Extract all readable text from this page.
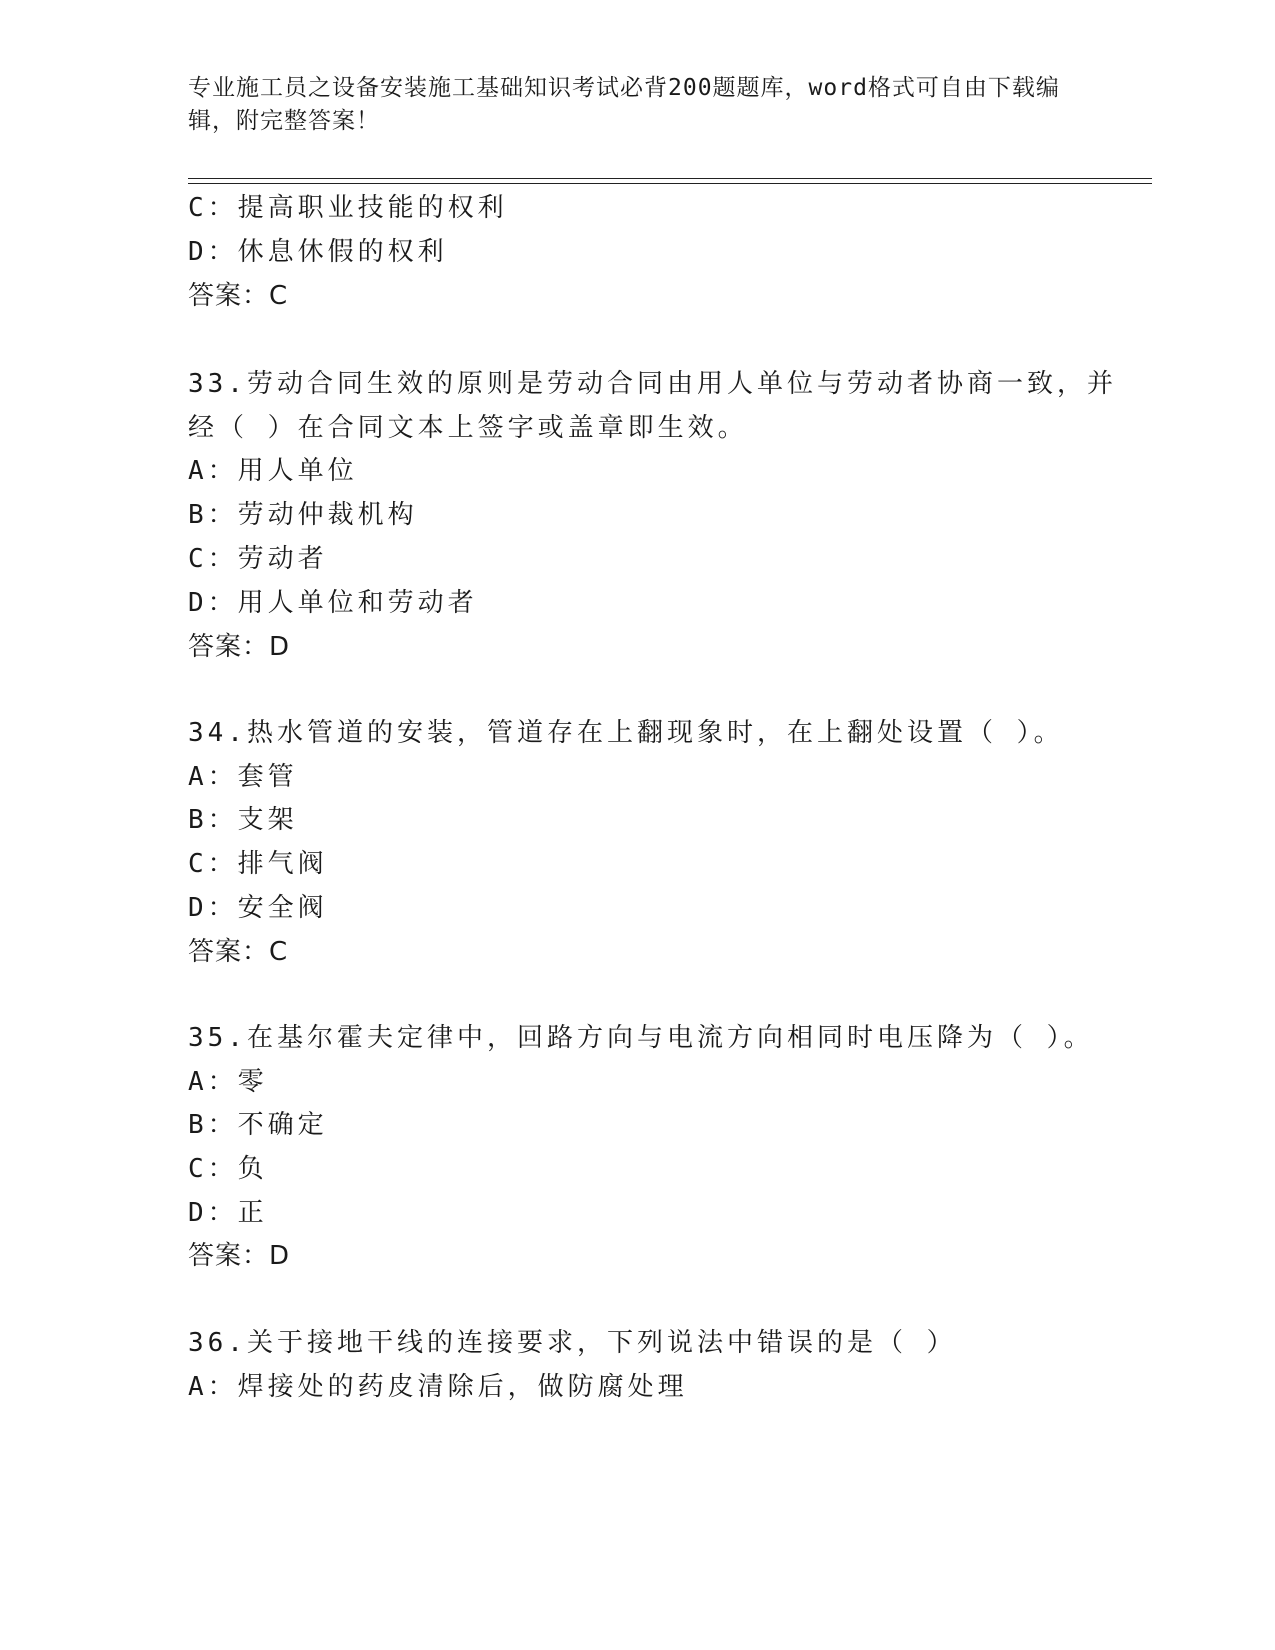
专业施工员之设备安装施工基础知识考试必背200题题库，word格式可自由下载编辑，附完整答案！
C：提高职业技能的权利
D：休息休假的权利
答案：C
33.劳动合同生效的原则是劳动合同由用人单位与劳动者协商一致，并
经（ ）在合同文本上签字或盖章即生效。
A：用人单位
B：劳动仲裁机构
C：劳动者
D：用人单位和劳动者
答案：D
34.热水管道的安装，管道存在上翻现象时，在上翻处设置（ ）。
A：套管
B：支架
C：排气阀
D：安全阀
答案：C
35.在基尔霍夫定律中，回路方向与电流方向相同时电压降为（ ）。
A：零
B：不确定
C：负
D：正
答案：D
36.关于接地干线的连接要求，下列说法中错误的是（ ）
A：焊接处的药皮清除后，做防腐处理
